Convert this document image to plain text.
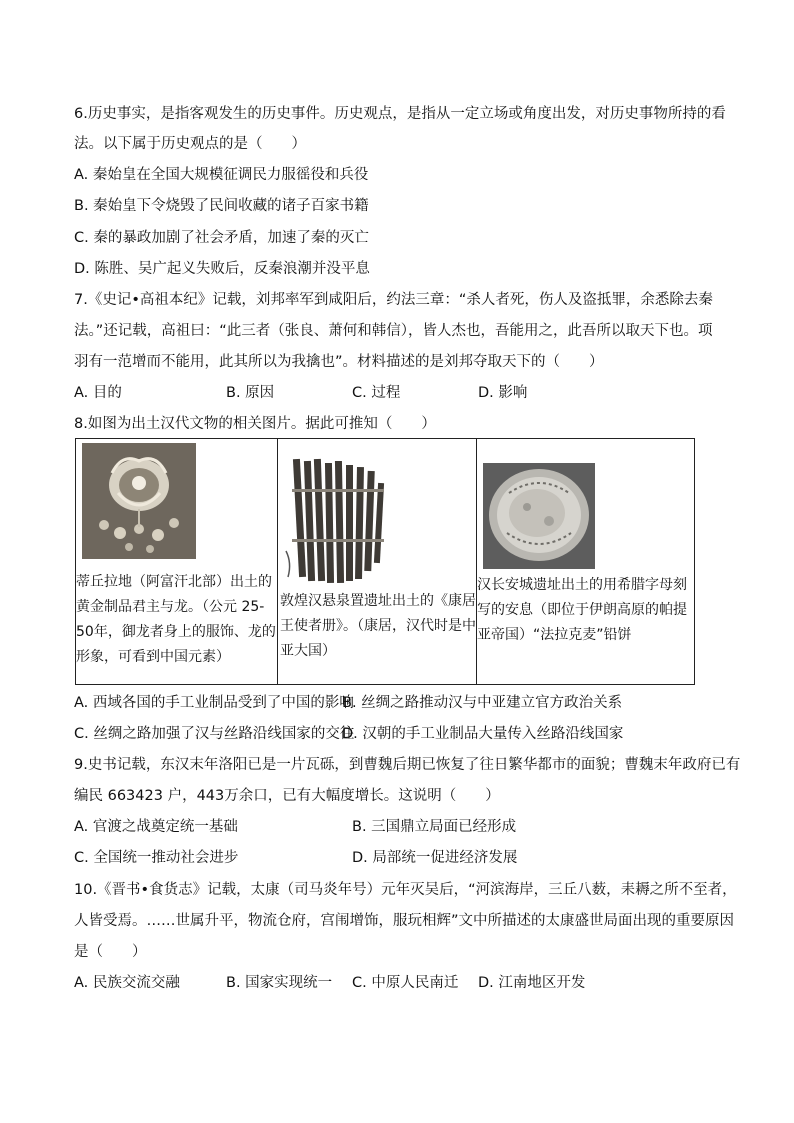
6.历史事实，是指客观发生的历史事件。历史观点，是指从一定立场或角度出发，对历史事物所持的看
法。以下属于历史观点的是（　　）
A. 秦始皇在全国大规模征调民力服徭役和兵役
B. 秦始皇下令烧毁了民间收藏的诸子百家书籍
C. 秦的暴政加剧了社会矛盾，加速了秦的灭亡
D. 陈胜、吴广起义失败后，反秦浪潮并没平息
7.《史记•高祖本纪》记载，刘邦率军到咸阳后，约法三章：“杀人者死，伤人及盗抵罪，余悉除去秦
法。”还记载，高祖曰：“此三者（张良、萧何和韩信），皆人杰也，吾能用之，此吾所以取天下也。项
羽有一范增而不能用，此其所以为我擒也”。材料描述的是刘邦夺取天下的（　　）
A. 目的	B. 原因	C. 过程	D. 影响
8.如图为出土汉代文物的相关图片。据此可推知（　　）
蒂丘拉地（阿富汗北部）出土的黄金制品君主与龙。（公元 25-50年，御龙者身上的服饰、龙的形象，可看到中国元素）

敦煌汉悬泉置遗址出土的《康居王使者册》。（康居，汉代时是中亚大国）

汉长安城遗址出土的用希腊字母刻写的安息（即位于伊朗高原的帕提亚帝国）“法拉克麦”铅饼
A. 西域各国的手工业制品受到了中国的影响
B. 丝绸之路推动汉与中亚建立官方政治关系
C. 丝绸之路加强了汉与丝路沿线国家的交往
D. 汉朝的手工业制品大量传入丝路沿线国家
9.史书记载，东汉末年洛阳已是一片瓦砾，到曹魏后期已恢复了往日繁华都市的面貌；曹魏末年政府已有
编民 663423 户，443万余口，已有大幅度增长。这说明（　　）
A. 官渡之战奠定统一基础	B. 三国鼎立局面已经形成
C. 全国统一推动社会进步	D. 局部统一促进经济发展
10.《晋书•食货志》记载，太康（司马炎年号）元年灭吴后，“河滨海岸，三丘八薮，耒耨之所不至者，
人皆受焉。……世属升平，物流仓府，宫闱增饰，服玩相辉”文中所描述的太康盛世局面出现的重要原因
是（　　）
A. 民族交流交融	B. 国家实现统一 C. 中原人民南迁 D. 江南地区开发
